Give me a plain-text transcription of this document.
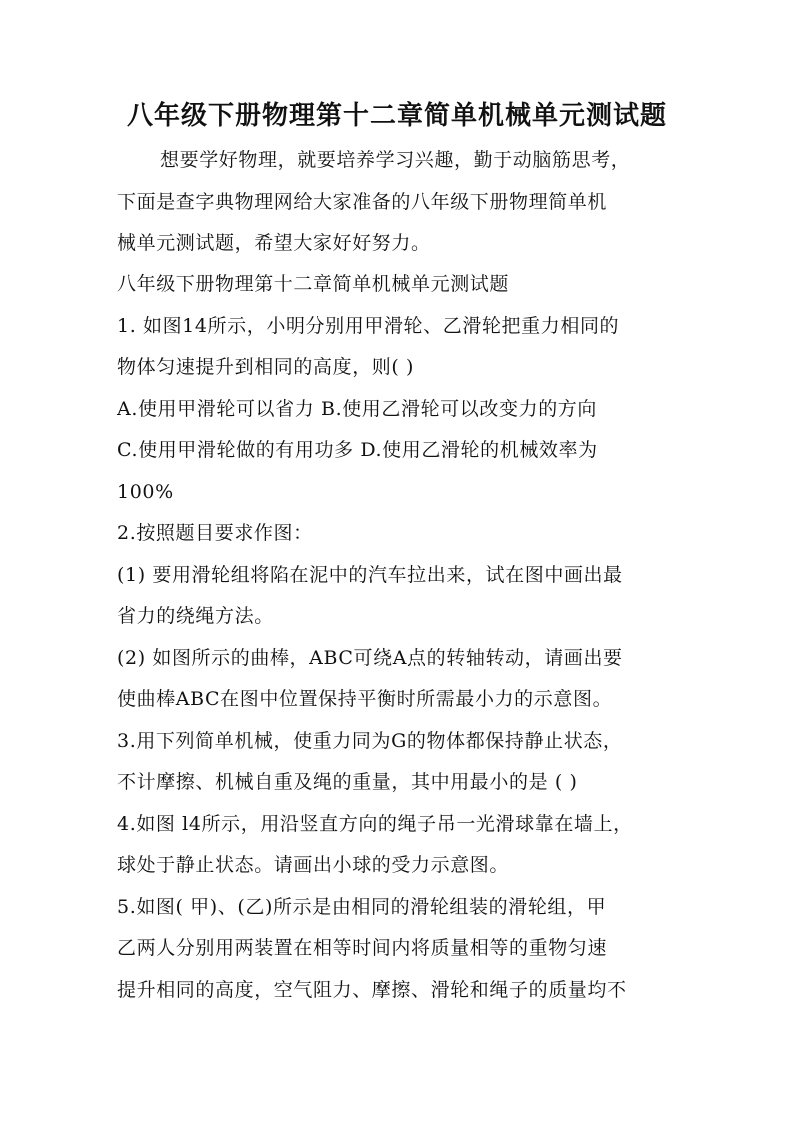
八年级下册物理第十二章简单机械单元测试题
想要学好物理，就要培养学习兴趣，勤于动脑筋思考，
下面是查字典物理网给大家准备的八年级下册物理简单机
械单元测试题，希望大家好好努力。
八年级下册物理第十二章简单机械单元测试题
1. 如图14所示，小明分别用甲滑轮、乙滑轮把重力相同的
物体匀速提升到相同的高度，则( )
A.使用甲滑轮可以省力 B.使用乙滑轮可以改变力的方向
C.使用甲滑轮做的有用功多 D.使用乙滑轮的机械效率为
100%
2.按照题目要求作图：
(1) 要用滑轮组将陷在泥中的汽车拉出来，试在图中画出最
省力的绕绳方法。
(2) 如图所示的曲棒，ABC可绕A点的转轴转动，请画出要
使曲棒ABC在图中位置保持平衡时所需最小力的示意图。
3.用下列简单机械，使重力同为G的物体都保持静止状态，
不计摩擦、机械自重及绳的重量，其中用最小的是 ( )
4.如图 l4所示，用沿竖直方向的绳子吊一光滑球靠在墙上，
球处于静止状态。请画出小球的受力示意图。
5.如图( 甲)、(乙)所示是由相同的滑轮组装的滑轮组，甲
乙两人分别用两装置在相等时间内将质量相等的重物匀速
提升相同的高度，空气阻力、摩擦、滑轮和绳子的质量均不
